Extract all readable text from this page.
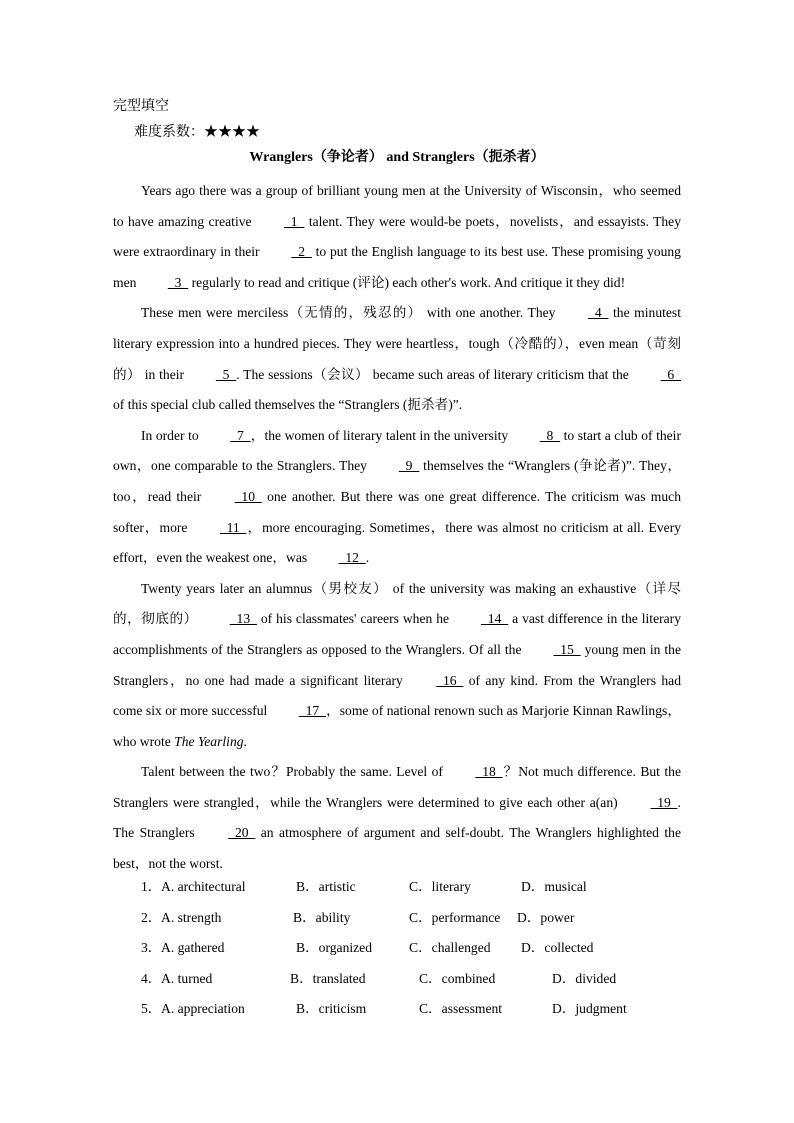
完型填空
难度系数：★★★★
Wranglers（争论者） and Stranglers（扼杀者）

Years ago there was a group of brilliant young men at the University of Wisconsin，who seemed to have amazing creative   1   talent. They were would-be poets，novelists，and essayists. They were extraordinary in their   2   to put the English language to its best use. These promising young men   3   regularly to read and critique (评论) each other's work. And critique it they did!

These men were merciless（无情的，残忍的） with one another. They   4   the minutest literary expression into a hundred pieces. They were heartless，tough（冷酷的），even mean（苛刻的） in their   5  . The sessions（会议） became such areas of literary criticism that the   6   of this special club called themselves the “Stranglers (扼杀者)”.

In order to   7  ，the women of literary talent in the university   8   to start a club of their own，one comparable to the Stranglers. They   9   themselves the “Wranglers (争论者)”. They，too，read their   10   one another. But there was one great difference. The criticism was much softer，more   11  ，more encouraging. Sometimes，there was almost no criticism at all. Every effort，even the weakest one，was   12  .

Twenty years later an alumnus（男校友） of the university was making an exhaustive（详尽的，彻底的）   13   of his classmates' careers when he   14   a vast difference in the literary accomplishments of the Stranglers as opposed to the Wranglers. Of all the   15   young men in the Stranglers，no one had made a significant literary   16   of any kind. From the Wranglers had come six or more successful   17  ，some of national renown such as Marjorie Kinnan Rawlings，who wrote The Yearling.

Talent between the two？Probably the same. Level of   18  ？Not much difference. But the Stranglers were strangled，while the Wranglers were determined to give each other a(an)   19  . The Stranglers   20   an atmosphere of argument and self-doubt. The Wranglers highlighted the best，not the worst.

1． A. architectural	B．artistic	C．literary	D．musical
2． A. strength	B．ability	C．performance D．power
3． A. gathered	B．organized	C．challenged D．collected
4． A. turned	B．translated	C．combined	D．divided
5． A. appreciation	B．criticism	C．assessment	D．judgment
